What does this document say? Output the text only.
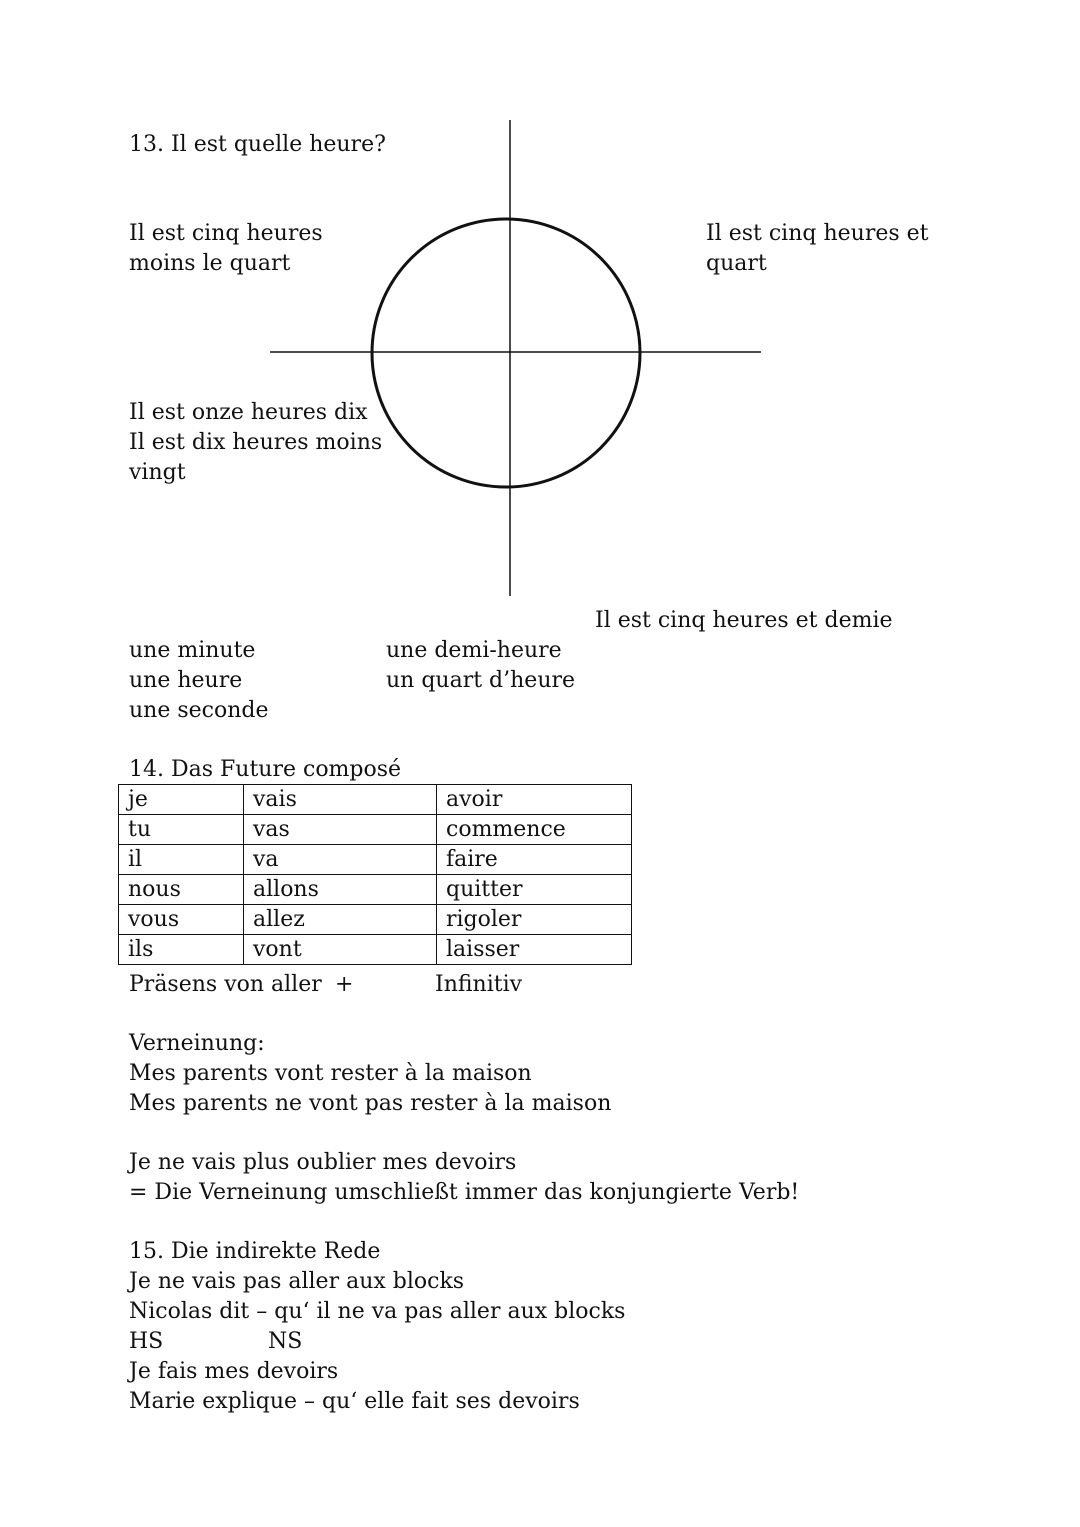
13. Il est quelle heure?
Il est cinq heures
moins le quart
Il est cinq heures et
quart
Il est onze heures dix
Il est dix heures moins
vingt
Il est cinq heures et demie
une minute
une heure
une seconde
une demi-heure
un quart d’heure
14. Das Future composé
je	vais	avoir
tu	vas	commence
il	va	faire
nous	allons	quitter
vous	allez	rigoler
ils	vont	laisser
Präsens von aller +	Infinitiv
Verneinung:
Mes parents vont rester à la maison
Mes parents ne vont pas rester à la maison
Je ne vais plus oublier mes devoirs
= Die Verneinung umschließt immer das konjungierte Verb!
15. Die indirekte Rede
Je ne vais pas aller aux blocks
Nicolas dit – qu‘ il ne va pas aller aux blocks
HS	NS
Je fais mes devoirs
Marie explique – qu‘ elle fait ses devoirs
